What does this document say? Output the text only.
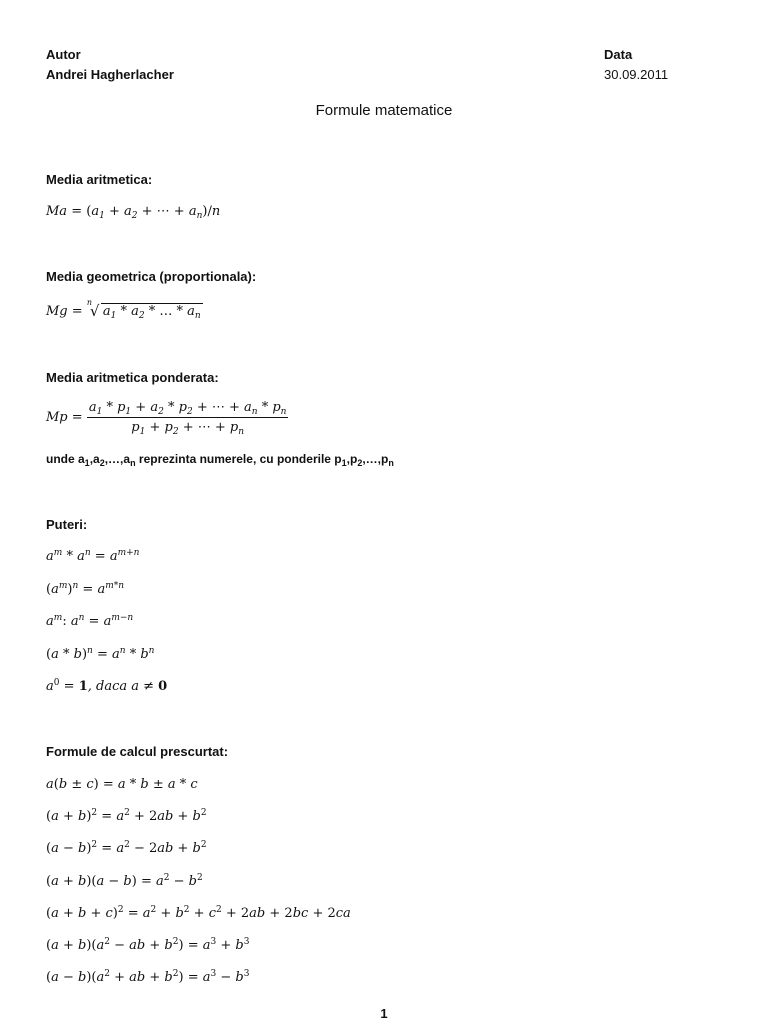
Autor
Andrei Hagherlacher
Data
30.09.2011
Formule matematice
Media aritmetica:
$Ma = (a_1 + a_2$ + ⋯ + $a_n)/n$
Media geometrica (proportionala):
Mg =
n
√ $a_1 * a_2$ * … * $a_n$
Media aritmetica ponderata:
$Mp = \frac{a_1 * p_1 + a_2 * p_2 + \cdots + a_n * p_n}{p_1 + p_2 + \cdots + p_n}$
unde $a_1,a_2,\dots,a_n$ reprezinta numerele, cu ponderile $p_1,p_2,\dots,p_n$
Puteri:
$a^m * a^n = a^{m+n}$
$(a^m)^n = a^{m*n}$
$a^m$: $a^n = a^{m-n}$
$(a * b)^n = a^n * b^n$
$a^0 = 1$, daca a ≠ 0
Formule de calcul prescurtat:
a(b ± c) = a * b ± a * c
$(a + b)^2 = a^2 + 2ab + b^2$
$(a - b)^2 = a^2 - 2ab + b^2$
$(a + b)(a - b) = a^2 - b^2$
$(a + b + c)^2 = a^2 + b^2 + c^2 + 2ab + 2bc + 2ca$
$(a + b)(a^2$ − ab + $b^2) = a^3 + b^3$
$(a - b)(a^2$ + ab + $b^2) = a^3 - b^3$
1
